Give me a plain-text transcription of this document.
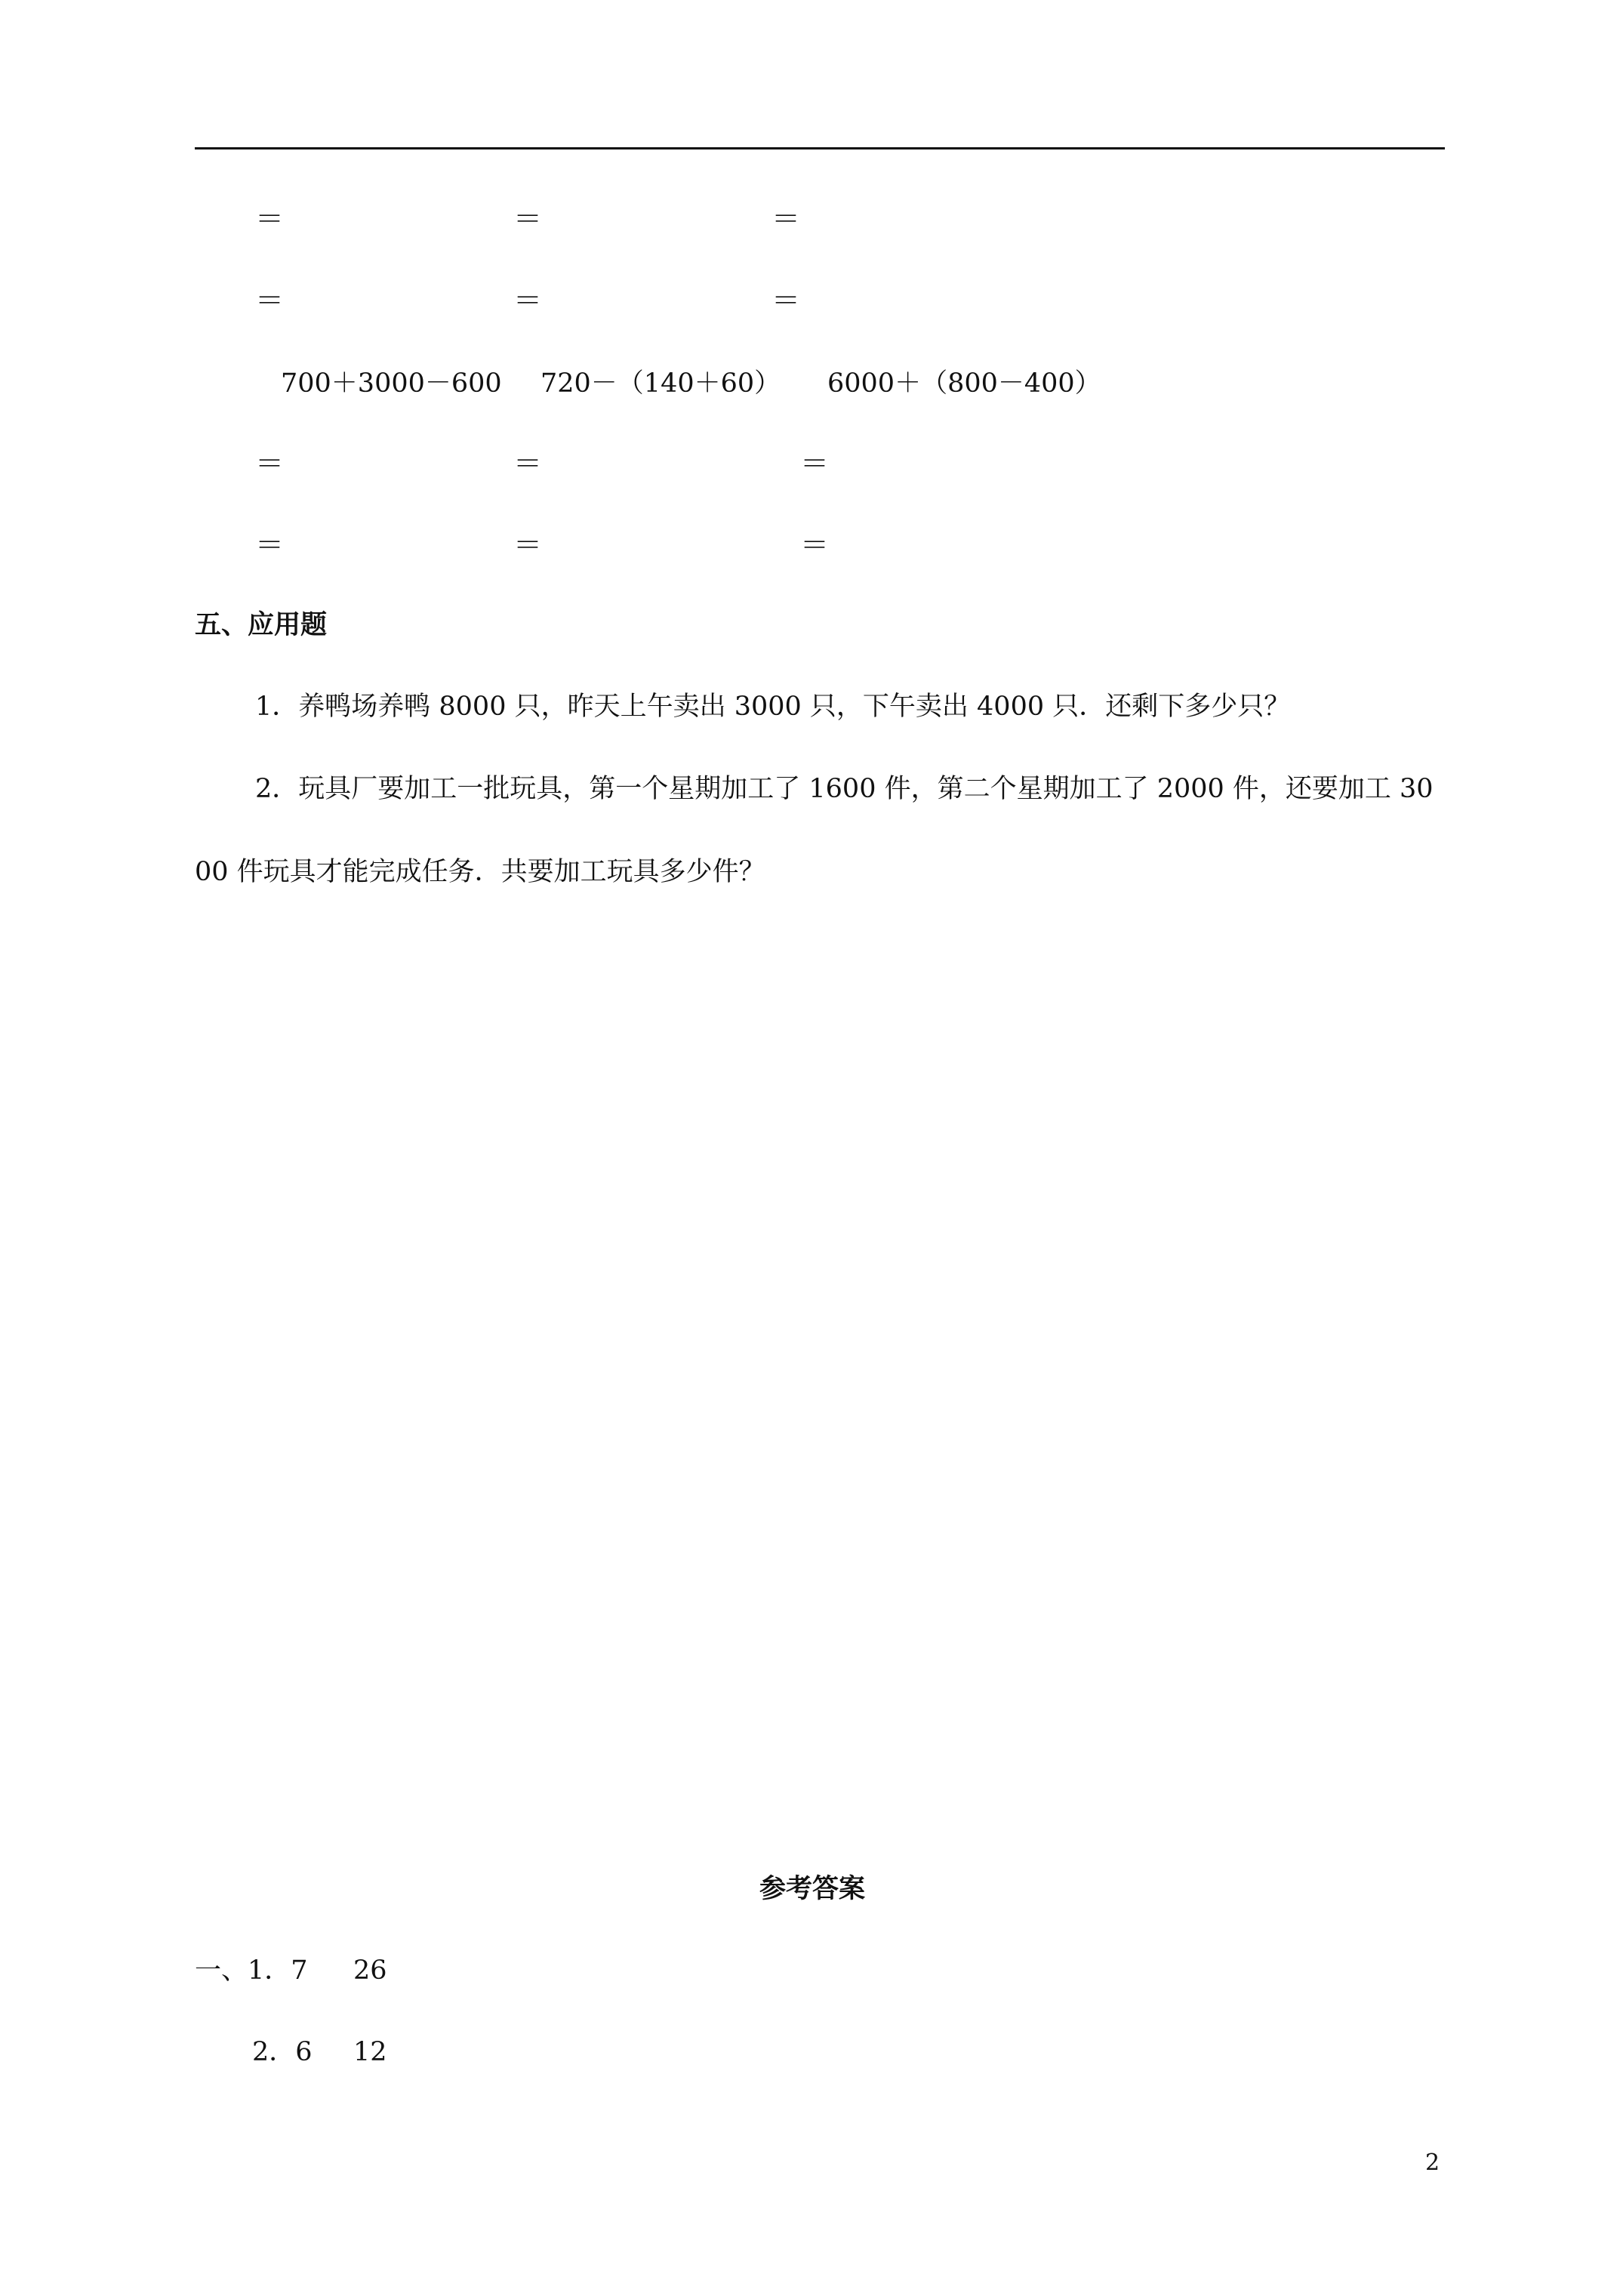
＝	＝	＝
＝	＝	＝
700＋3000－600 720－（140＋60） 6000＋（800－400）
＝	＝	＝
＝	＝	＝
五、应用题
1．养鸭场养鸭 8000 只，昨天上午卖出 3000 只，下午卖出 4000 只．还剩下多少只？
2．玩具厂要加工一批玩具，第一个星期加工了 1600 件，第二个星期加工了 2000 件，还要加工 3000 件玩具才能完成任务．共要加工玩具多少件？
参考答案
一、1．7 26
2．6 12
2
